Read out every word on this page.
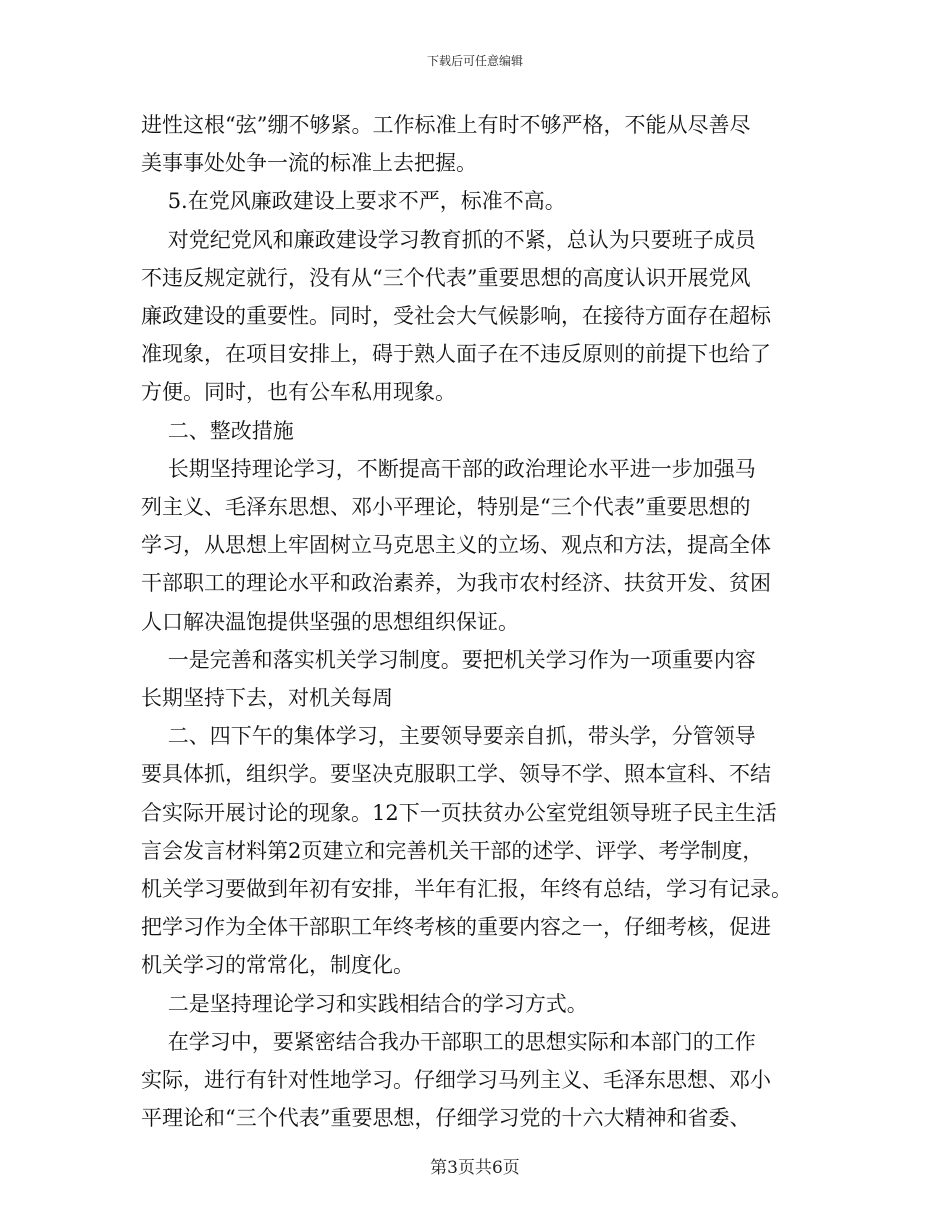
下载后可任意编辑

进性这根“弦”绷不够紧。工作标准上有时不够严格，不能从尽善尽

美事事处处争一流的标准上去把握。

5.在党风廉政建设上要求不严，标准不高。

对党纪党风和廉政建设学习教育抓的不紧，总认为只要班子成员

不违反规定就行，没有从“三个代表”重要思想的高度认识开展党风

廉政建设的重要性。同时，受社会大气候影响，在接待方面存在超标

准现象，在项目安排上，碍于熟人面子在不违反原则的前提下也给了

方便。同时，也有公车私用现象。

二、整改措施

长期坚持理论学习，不断提高干部的政治理论水平进一步加强马

列主义、毛泽东思想、邓小平理论，特别是“三个代表”重要思想的

学习，从思想上牢固树立马克思主义的立场、观点和方法，提高全体

干部职工的理论水平和政治素养，为我市农村经济、扶贫开发、贫困

人口解决温饱提供坚强的思想组织保证。

一是完善和落实机关学习制度。要把机关学习作为一项重要内容

长期坚持下去，对机关每周

二、四下午的集体学习，主要领导要亲自抓，带头学，分管领导

要具体抓，组织学。要坚决克服职工学、领导不学、照本宣科、不结

合实际开展讨论的现象。12下一页扶贫办公室党组领导班子民主生活

言会发言材料第2页建立和完善机关干部的述学、评学、考学制度，

机关学习要做到年初有安排，半年有汇报，年终有总结，学习有记录。

把学习作为全体干部职工年终考核的重要内容之一，仔细考核，促进

机关学习的常常化，制度化。

二是坚持理论学习和实践相结合的学习方式。

在学习中，要紧密结合我办干部职工的思想实际和本部门的工作

实际，进行有针对性地学习。仔细学习马列主义、毛泽东思想、邓小

平理论和“三个代表”重要思想，仔细学习党的十六大精神和省委、

第3页共6页
